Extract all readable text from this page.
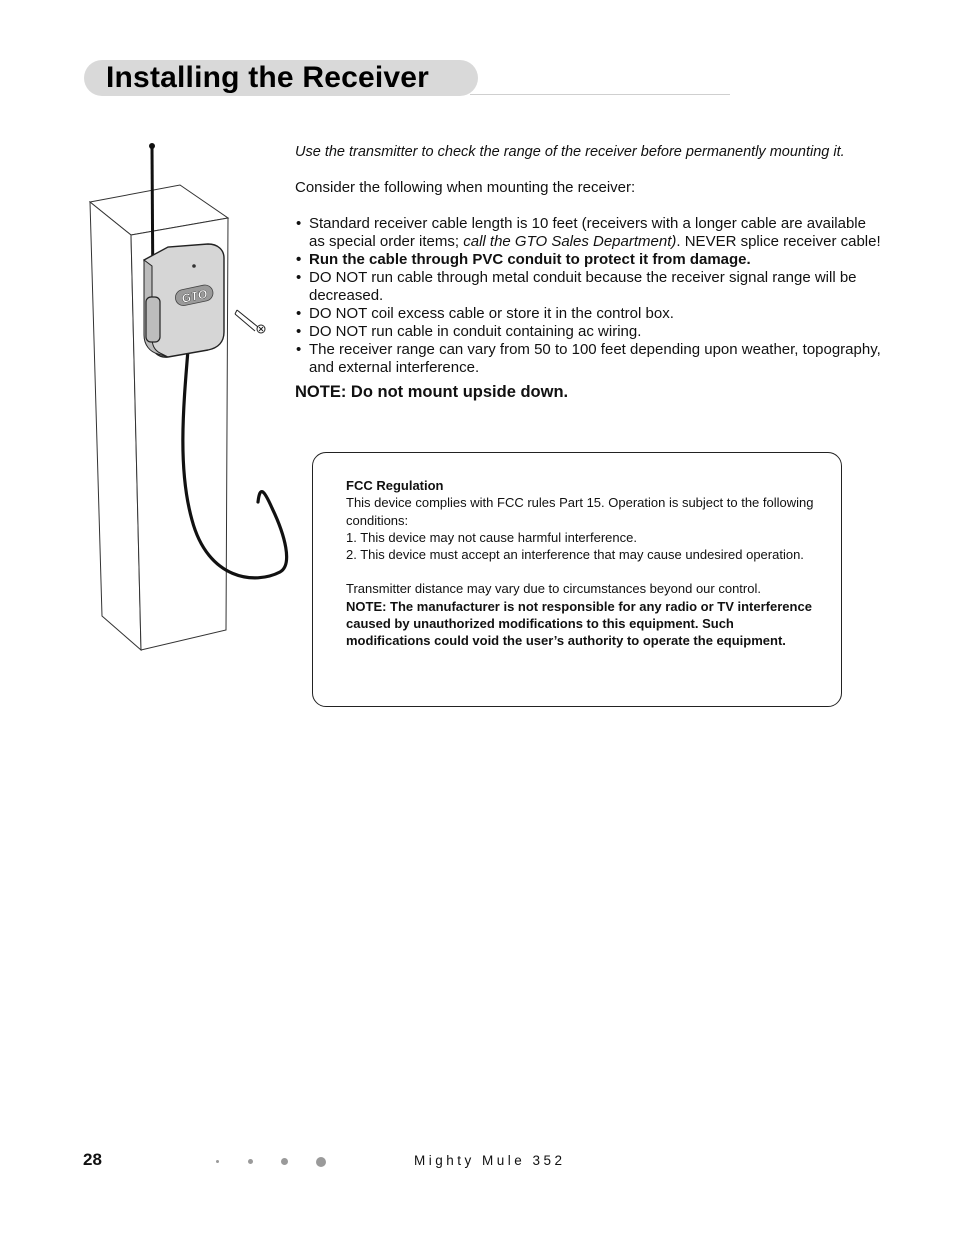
Installing the Receiver
GTO

Use the transmitter to check the range of the receiver before permanently mounting it.

Consider the following when mounting the receiver:

• Standard receiver cable length is 10 feet (receivers with a longer cable are available as special order items; call the GTO Sales Department). NEVER splice receiver cable!
• Run the cable through PVC conduit to protect it from damage.
• DO NOT run cable through metal conduit because the receiver signal range will be decreased.
• DO NOT coil excess cable or store it in the control box.
• DO NOT run cable in conduit containing ac wiring.
• The receiver range can vary from 50 to 100 feet depending upon weather, topography, and external interference.
NOTE: Do not mount upside down.

FCC Regulation

This device complies with FCC rules Part 15. Operation is subject to the following conditions:

1. This device may not cause harmful interference.

2. This device must accept an interference that may cause undesired operation.

Transmitter distance may vary due to circumstances beyond our control.

NOTE: The manufacturer is not responsible for any radio or TV interference caused by unauthorized modifications to this equipment. Such modifications could void the user’s authority to operate the equipment.

28	Mighty Mule 352
